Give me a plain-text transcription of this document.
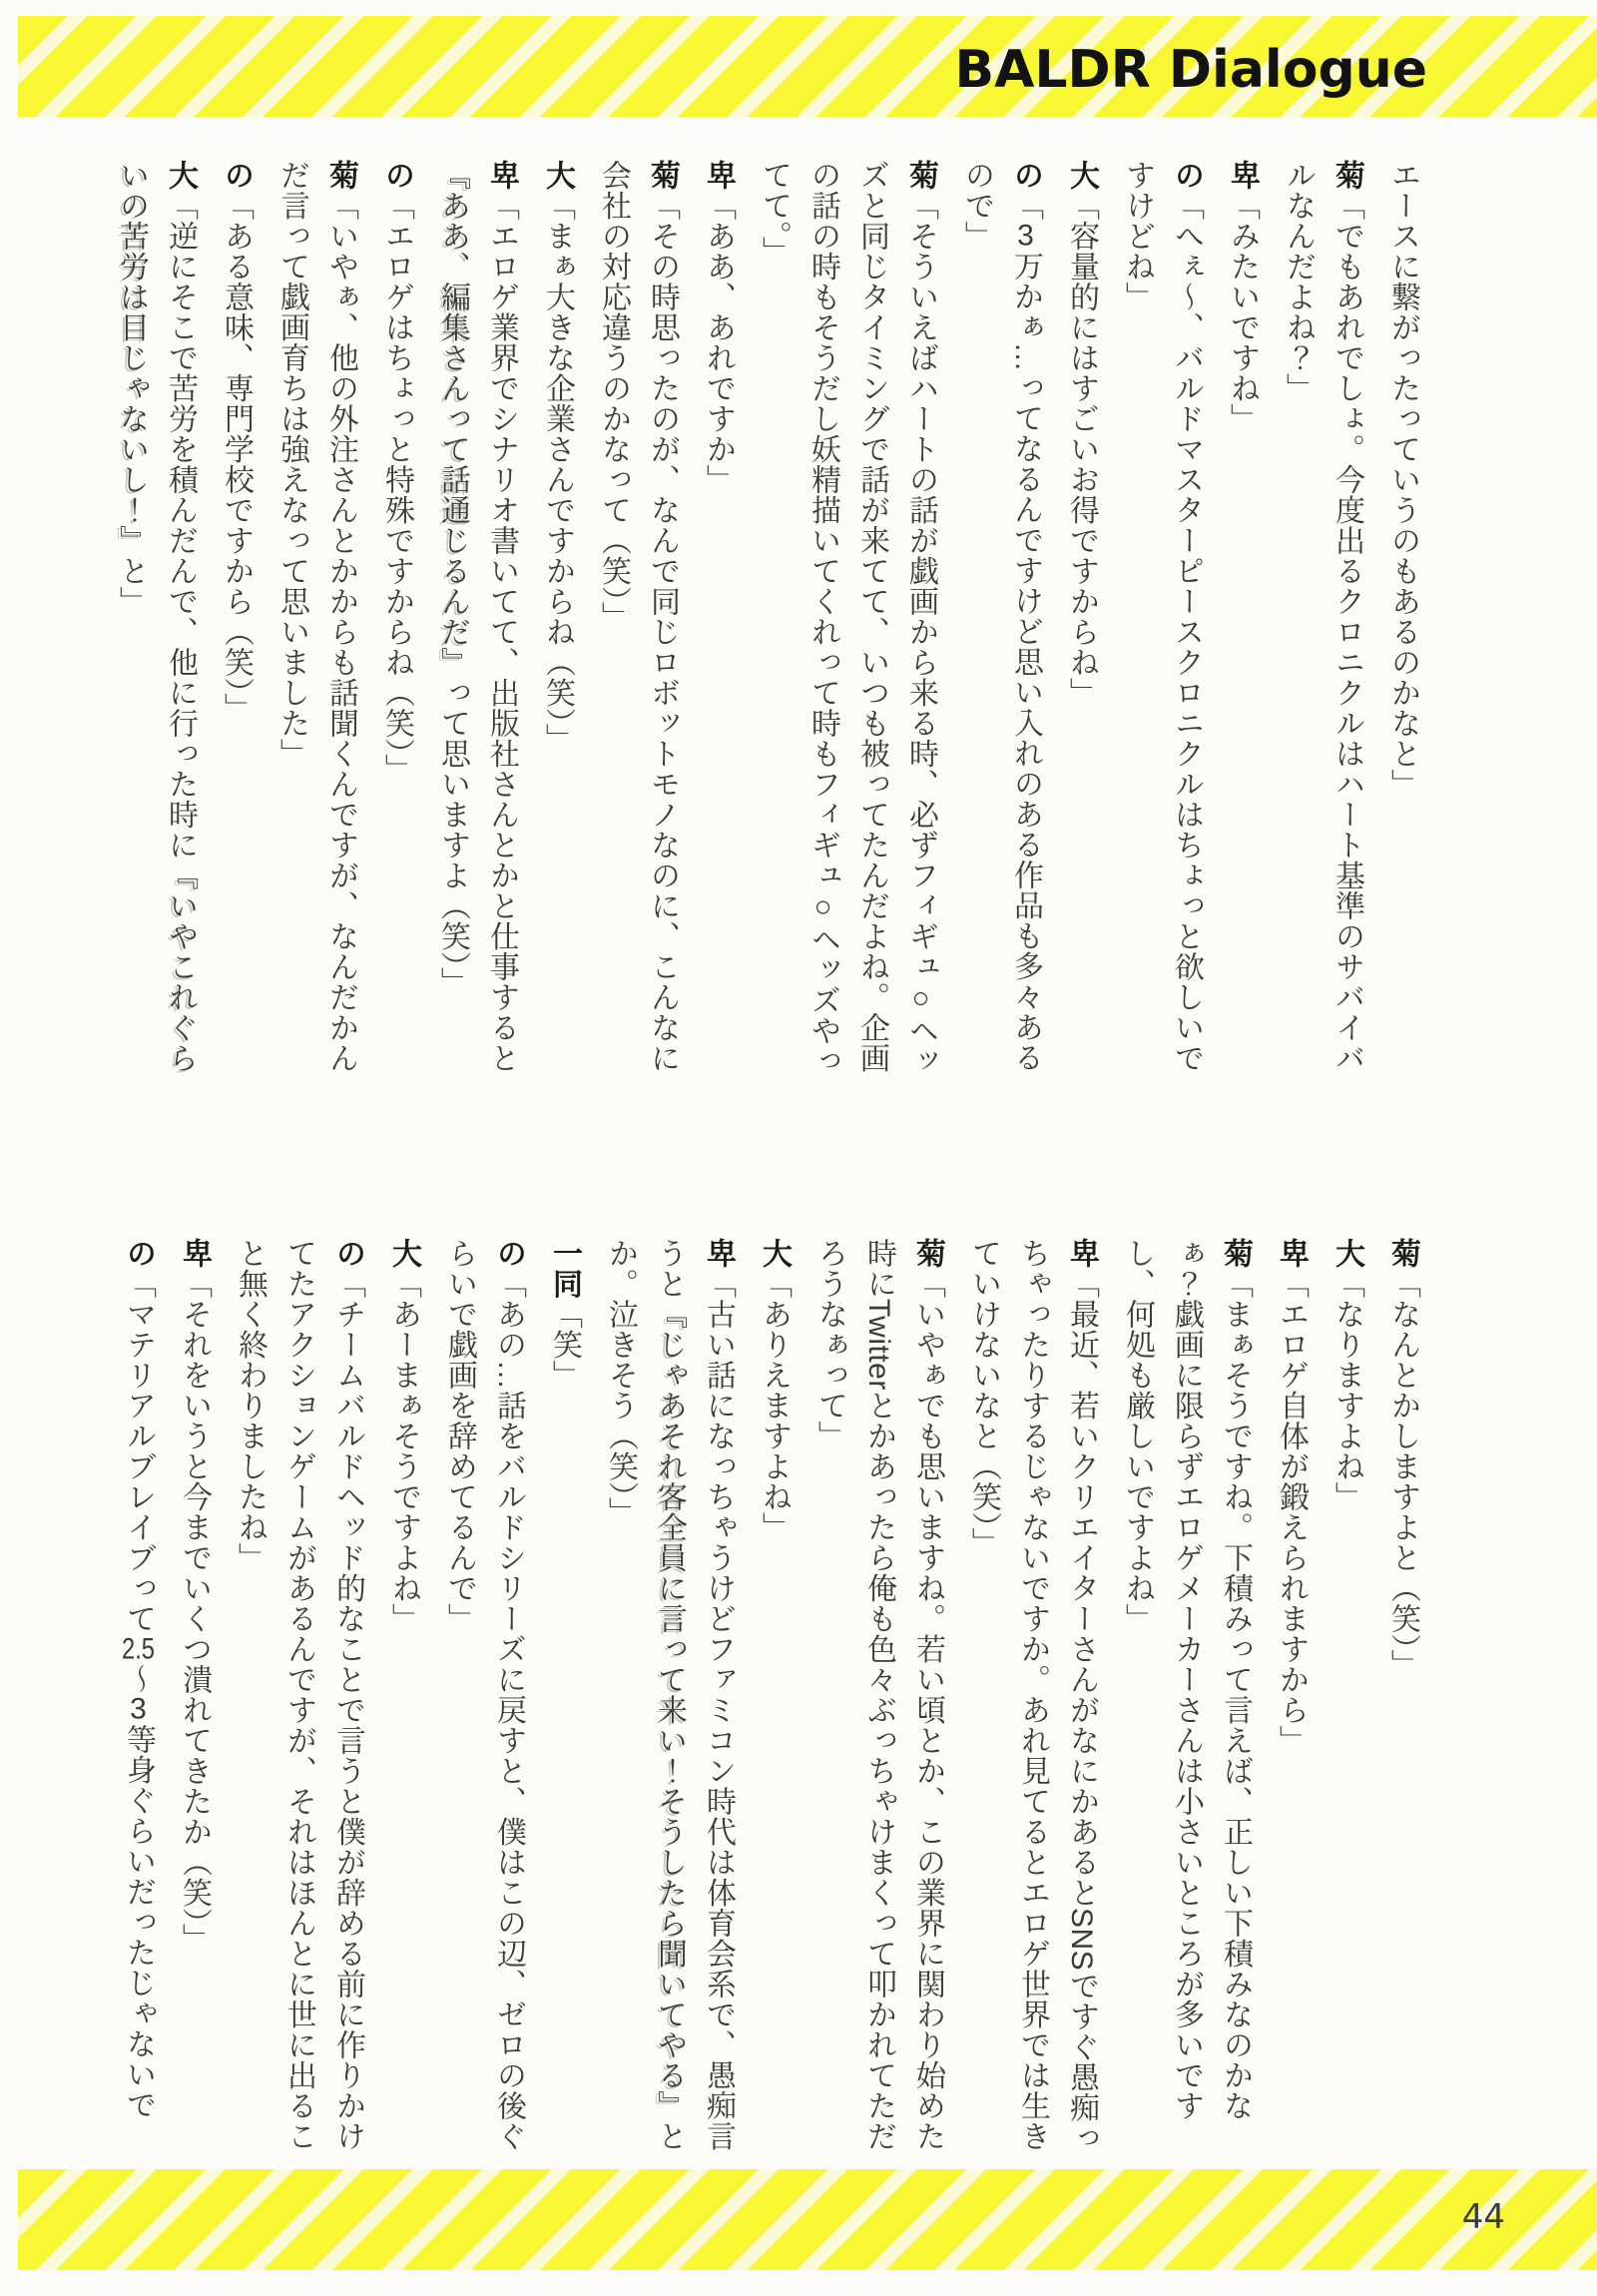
BALDR Dialogue

エースに繋がったっていうのもあるのかなと」

菊「でもあれでしょ。今度出るクロニクルはハート基準のサバイバルなんだよね？」

卑「みたいですね」

の「へぇ～、バルドマスターピースクロニクルはちょっと欲しいですけどね」

大「容量的にはすごいお得ですからね」

の「3万かぁ…ってなるんですけど思い入れのある作品も多々あるので」

菊「そういえばハートの話が戯画から来る時、必ずフィギュ○ヘッズと同じタイミングで話が来てて、いつも被ってたんだよね。企画の話の時もそうだし妖精描いてくれって時もフィギュ○ヘッズやってて。」

卑「ああ、あれですか」

菊「その時思ったのが、なんで同じロボットモノなのに、こんなに会社の対応違うのかなって（笑）」

大「まぁ大きな企業さんですからね（笑）」

卑「エロゲ業界でシナリオ書いてて、出版社さんとかと仕事すると『ああ、編集さんって話通じるんだ』って思いますよ（笑）」

の「エロゲはちょっと特殊ですからね（笑）」

菊「いやぁ、他の外注さんとかからも話聞くんですが、なんだかんだ言って戯画育ちは強えなって思いました」

の「ある意味、専門学校ですから（笑）」

大「逆にそこで苦労を積んだんで、他に行った時に『いやこれぐらいの苦労は目じゃないし！』と」

菊「なんとかしますよと（笑）」

大「なりますよね」

卑「エロゲ自体が鍛えられますから」

菊「まぁそうですね。下積みって言えば、正しい下積みなのかなぁ？戯画に限らずエロゲメーカーさんは小さいところが多いですし、何処も厳しいですよね」

卑「最近、若いクリエイターさんがなにかあるとSNSですぐ愚痴っちゃったりするじゃないですか。あれ見てるとエロゲ世界では生きていけないなと（笑）」

菊「いやぁでも思いますね。若い頃とか、この業界に関わり始めた時にTwitterとかあったら俺も色々ぶっちゃけまくって叩かれてただろうなぁって」

大「ありえますよね」

卑「古い話になっちゃうけどファミコン時代は体育会系で、愚痴言うと『じゃあそれ客全員に言って来い！そうしたら聞いてやる』とか。泣きそう（笑）」

一同「笑」

の「あの…話をバルドシリーズに戻すと、僕はこの辺、ゼロの後ぐらいで戯画を辞めてるんで」

大「あーまぁそうですよね」

の「チームバルドヘッド的なことで言うと僕が辞める前に作りかけてたアクションゲームがあるんですが、それはほんとに世に出ること無く終わりましたね」

卑「それをいうと今までいくつ潰れてきたか（笑）」

の「マテリアルブレイブって2.5～3等身ぐらいだったじゃないで

44
